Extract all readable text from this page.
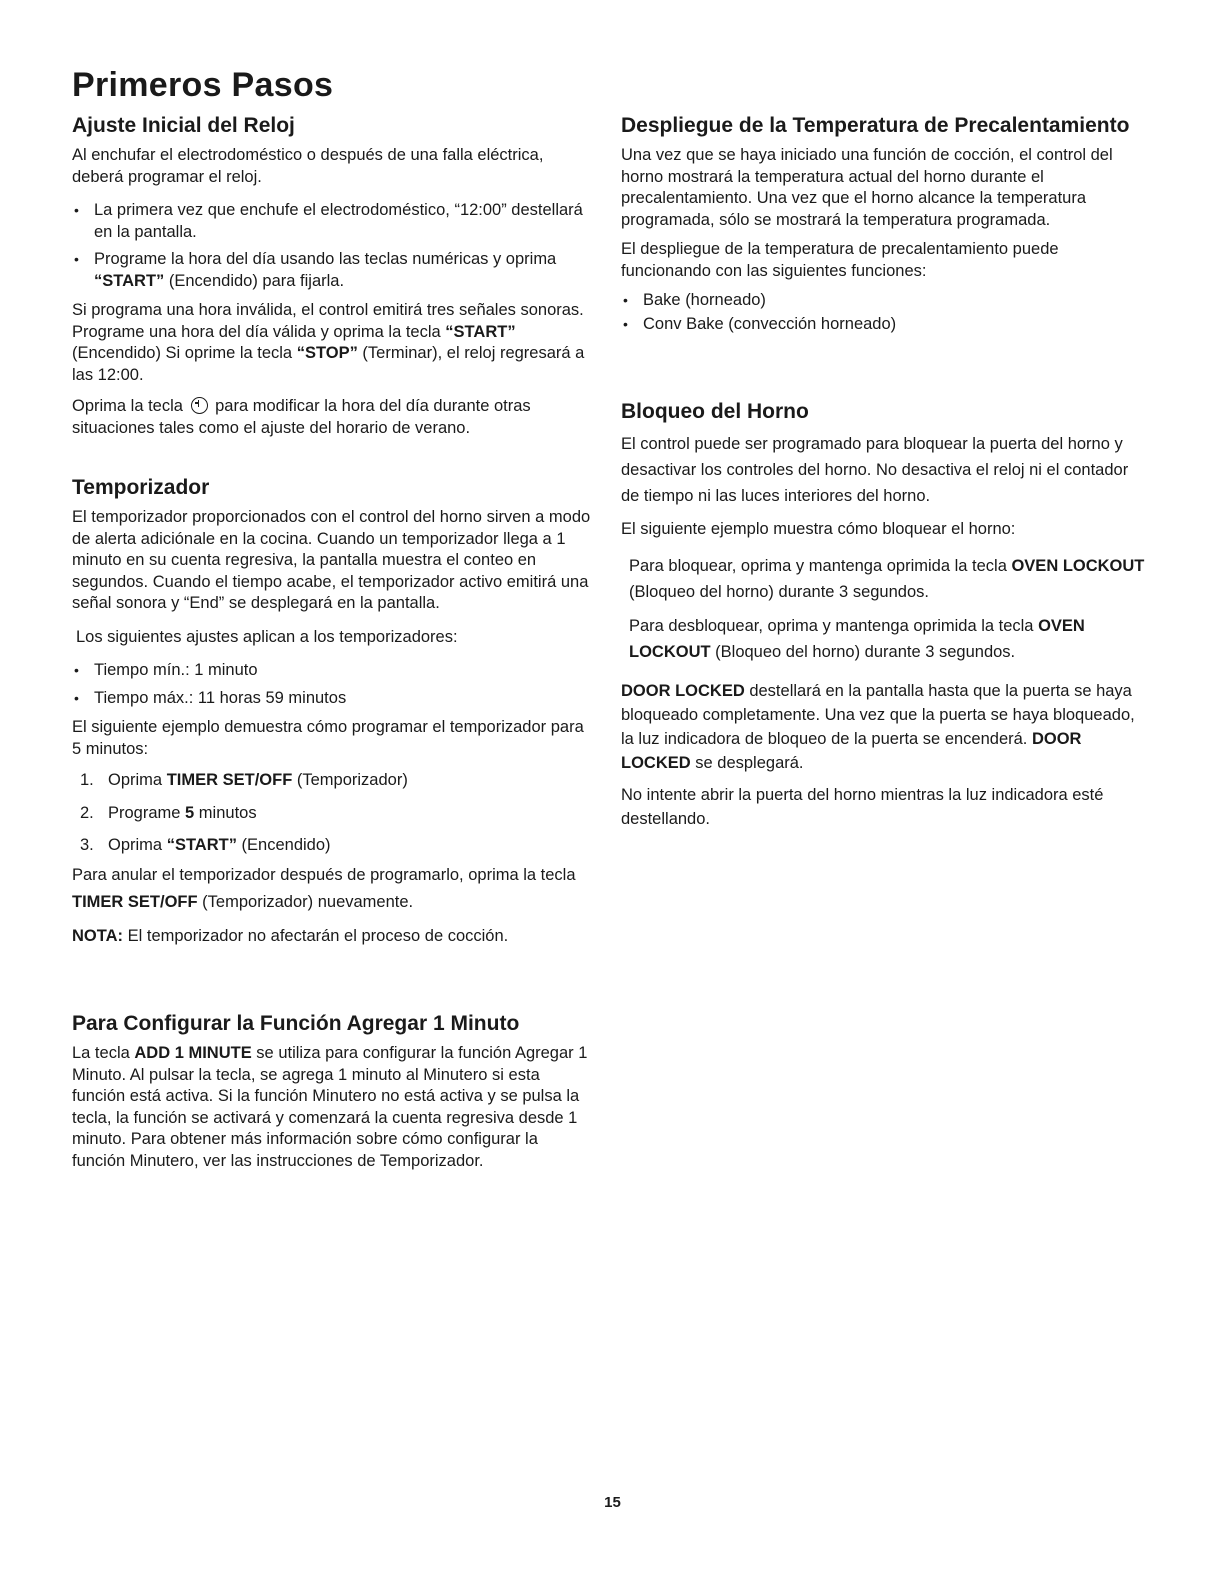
Primeros Pasos
Ajuste Inicial del Reloj

Al enchufar el electrodoméstico o después de una falla eléctrica, deberá programar el reloj.

• La primera vez que enchufe el electrodoméstico, “12:00” destellará en la pantalla.
• Programe la hora del día usando las teclas numéricas y oprima “START” (Encendido) para fijarla.

Si programa una hora inválida, el control emitirá tres señales sonoras. Programe una hora del día válida y oprima la tecla “START” (Encendido) Si oprime la tecla “STOP” (Terminar), el reloj regresará a las 12:00.

Oprima la tecla  para modificar la hora del día durante otras situaciones tales como el ajuste del horario de verano.

Temporizador

El temporizador proporcionados con el control del horno sirven a modo de alerta adiciónale en la cocina. Cuando un temporizador llega a 1 minuto en su cuenta regresiva, la pantalla muestra el conteo en segundos. Cuando el tiempo acabe, el temporizador activo emitirá una señal sonora y “End” se desplegará en la pantalla.

Los siguientes ajustes aplican a los temporizadores:

• Tiempo mín.: 1 minuto
• Tiempo máx.: 11 horas 59 minutos

El siguiente ejemplo demuestra cómo programar el temporizador para 5 minutos:

1. Oprima TIMER SET/OFF (Temporizador)
2. Programe 5 minutos
3. Oprima “START” (Encendido)

Para anular el temporizador después de programarlo, oprima la tecla TIMER SET/OFF (Temporizador) nuevamente.

NOTA: El temporizador no afectarán el proceso de cocción.

Para Configurar la Función Agregar 1 Minuto

La tecla ADD 1 MINUTE se utiliza para configurar la función Agregar 1 Minuto. Al pulsar la tecla, se agrega 1 minuto al Minutero si esta función está activa. Si la función Minutero no está activa y se pulsa la tecla, la función se activará y comenzará la cuenta regresiva desde 1 minuto. Para obtener más información sobre cómo configurar la función Minutero, ver las instrucciones de Temporizador.

Despliegue de la Temperatura de Precalentamiento

Una vez que se haya iniciado una función de cocción, el control del horno mostrará la temperatura actual del horno durante el precalentamiento. Una vez que el horno alcance la temperatura programada, sólo se mostrará la temperatura programada.

El despliegue de la temperatura de precalentamiento puede funcionando con las siguientes funciones:

• Bake (horneado)
• Conv Bake (convección horneado)
Bloqueo del Horno

El control puede ser programado para bloquear la puerta del horno y desactivar los controles del horno. No desactiva el reloj ni el contador de tiempo ni las luces interiores del horno.

El siguiente ejemplo muestra cómo bloquear el horno:

Para bloquear, oprima y mantenga oprimida la tecla OVEN LOCKOUT (Bloqueo del horno) durante 3 segundos.

Para desbloquear, oprima y mantenga oprimida la tecla OVEN LOCKOUT (Bloqueo del horno) durante 3 segundos.

DOOR LOCKED destellará en la pantalla hasta que la puerta se haya bloqueado completamente. Una vez que la puerta se haya bloqueado, la luz indicadora de bloqueo de la puerta se encenderá. DOOR LOCKED se desplegará.

No intente abrir la puerta del horno mientras la luz indicadora esté destellando.

15
